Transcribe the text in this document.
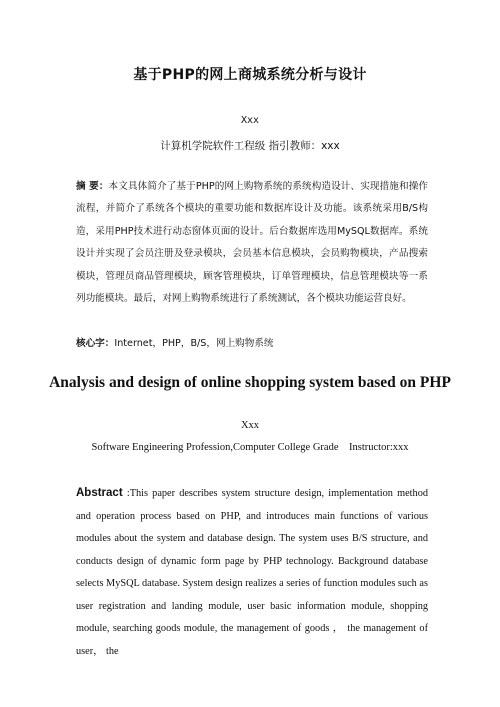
基于PHP的网上商城系统分析与设计
Xxx
计算机学院软件工程级 指引教师：xxx
摘 要：本文具体简介了基于PHP的网上购物系统的系统构造设计、实现措施和操作流程，并简介了系统各个模块的重要功能和数据库设计及功能。该系统采用B/S构造，采用PHP技术进行动态窗体页面的设计。后台数据库选用MySQL数据库。系统设计并实现了会员注册及登录模块，会员基本信息模块，会员购物模块，产品搜索模块，管理员商品管理模块，顾客管理模块，订单管理模块，信息管理模块等一系列功能模块。最后，对网上购物系统进行了系统测试，各个模块功能运营良好。
核心字：Internet，PHP，B/S，网上购物系统
Analysis and design of online shopping system based on PHP
Xxx
Software Engineering Profession,Computer College Grade    Instructor:xxx
Abstract :This paper describes system structure design, implementation method and operation process based on PHP, and introduces main functions of various modules about the system and database design. The system uses B/S structure, and conducts design of dynamic form page by PHP technology. Background database selects MySQL database. System design realizes a series of function modules such as user registration and landing module, user basic information module, shopping module, searching goods module, the management of goods ， the management of user， the
